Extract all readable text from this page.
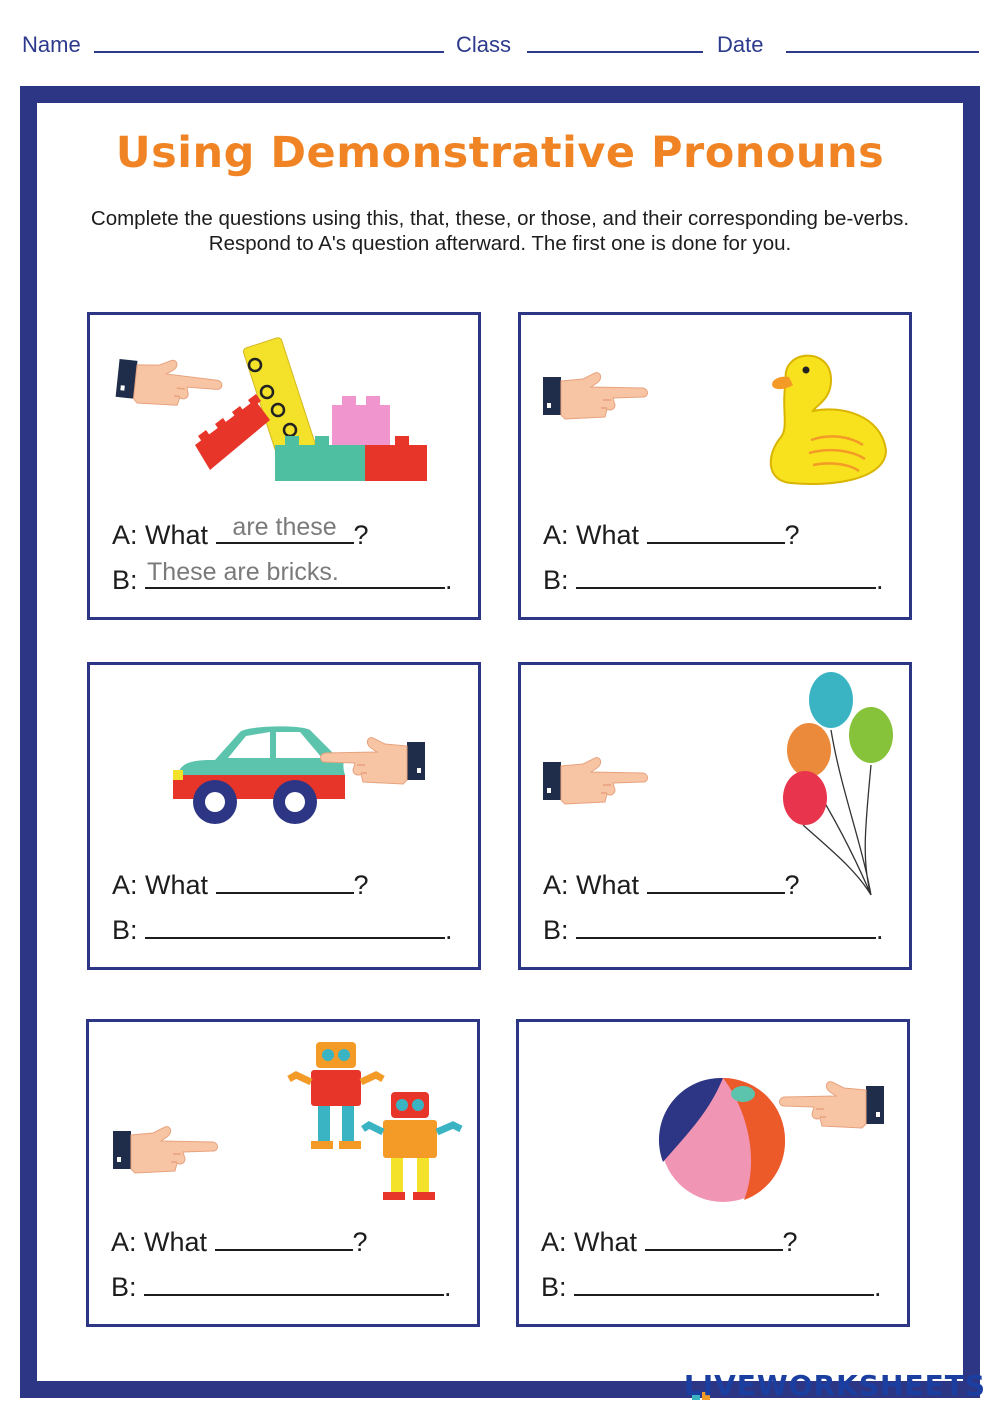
Name	Class	Date
Using Demonstrative Pronouns
Complete the questions using this, that, these, or those, and their corresponding be-verbs. Respond to A's question afterward. The first one is done for you.
A: What are these ?
B: These are bricks.	.
A: What	?
B:	.
A: What	?
B:	.
A: What	?
B:	.
A: What	?
B:	.
A: What	?
B:	.
LIVEWORKSHEETS
